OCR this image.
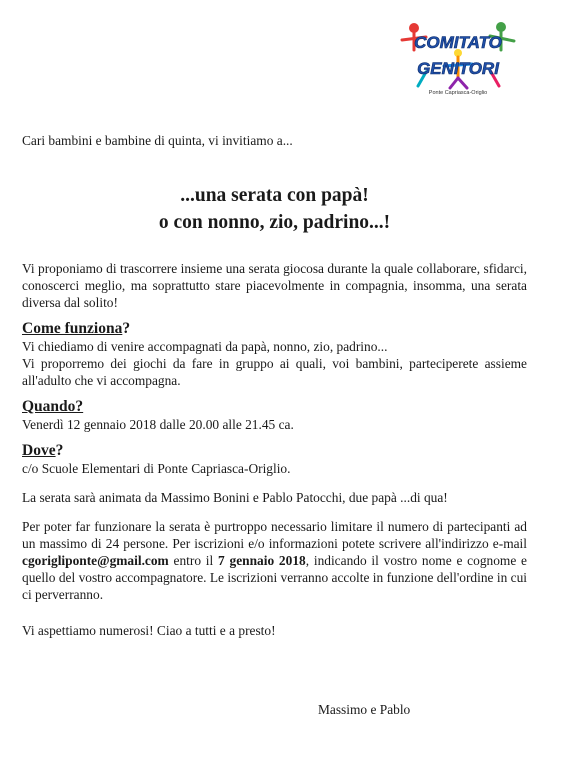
COMITATO
GENITORI
Ponte Capriasca-Origlio

Cari bambini e bambine di quinta, vi invitiamo a...

...una serata con papà!

o con nonno, zio, padrino...!

Vi proponiamo di trascorrere insieme una serata giocosa durante la quale collaborare, sfidarci, conoscerci meglio, ma soprattutto stare piacevolmente in compagnia, insomma, una serata diversa dal solito!

Come funziona?

Vi chiediamo di venire accompagnati da papà, nonno, zio, padrino...

Vi proporremo dei giochi da fare in gruppo ai quali, voi bambini, parteciperete assieme all'adulto che vi accompagna.

Quando?

Venerdì 12 gennaio 2018 dalle 20.00 alle 21.45 ca.

Dove?

c/o Scuole Elementari di Ponte Capriasca-Origlio.

La serata sarà animata da Massimo Bonini e Pablo Patocchi, due papà ...di qua!

Per poter far funzionare la serata è purtroppo necessario limitare il numero di partecipanti ad un massimo di 24 persone. Per iscrizioni e/o informazioni potete scrivere all'indirizzo e-mail cgorigliponte@gmail.com entro il 7 gennaio 2018, indicando il vostro nome e cognome e quello del vostro accompagnatore. Le iscrizioni verranno accolte in funzione dell'ordine in cui ci perverranno.

Vi aspettiamo numerosi! Ciao a tutti e a presto!

Massimo e Pablo
